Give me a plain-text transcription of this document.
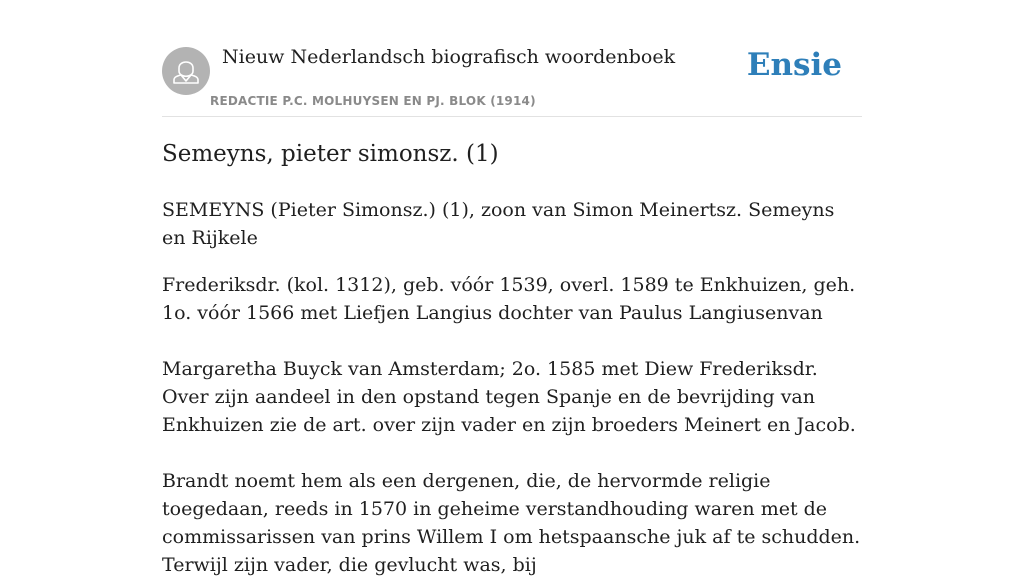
Nieuw Nederlandsch biografisch woordenboek
REDACTIE P.C. MOLHUYSEN EN PJ. BLOK (1914)
Ensie
Semeyns, pieter simonsz. (1)

SEMEYNS (Pieter Simonsz.) (1), zoon van Simon Meinertsz. Semeyns en Rijkele

Frederiksdr. (kol. 1312), geb. vóór 1539, overl. 1589 te Enkhuizen, geh. 1o. vóór 1566 met Liefjen Langius dochter van Paulus Langiusenvan

Margaretha Buyck van Amsterdam; 2o. 1585 met Diew Frederiksdr. Over zijn aandeel in den opstand tegen Spanje en de bevrijding van Enkhuizen zie de art. over zijn vader en zijn broeders Meinert en Jacob.

Brandt noemt hem als een dergenen, die, de hervormde religie toegedaan, reeds in 1570 in geheime verstandhouding waren met de commissarissen van prins Willem I om hetspaansche juk af te schudden. Terwijl zijn vader, die gevlucht was, bij
